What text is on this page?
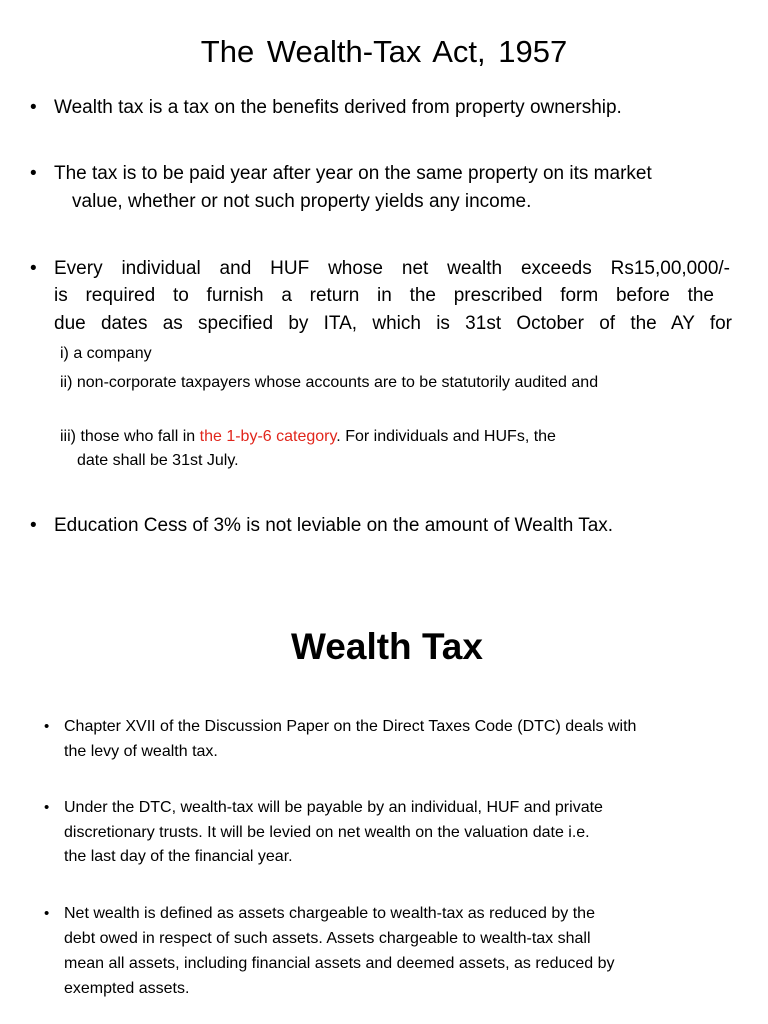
The Wealth-Tax Act, 1957
• Wealth tax is a tax on the benefits derived from property ownership.
• The tax is to be paid year after year on the same property on its market
value, whether or not such property yields any income.
• Every individual and HUF whose net wealth exceeds Rs15,00,000/-
is required to furnish a return in the prescribed form before the
due dates as specified by ITA, which is 31st October of the AY for
i) a company
ii) non-corporate taxpayers whose accounts are to be statutorily audited and
iii) those who fall in the 1-by-6 category. For individuals and HUFs, the
date shall be 31st July.
• Education Cess of 3% is not leviable on the amount of Wealth Tax.
Wealth Tax
• Chapter XVII of the Discussion Paper on the Direct Taxes Code (DTC) deals with
the levy of wealth tax.
• Under the DTC, wealth-tax will be payable by an individual, HUF and private
discretionary trusts. It will be levied on net wealth on the valuation date i.e.
the last day of the financial year.
• Net wealth is defined as assets chargeable to wealth-tax as reduced by the
debt owed in respect of such assets. Assets chargeable to wealth-tax shall
mean all assets, including financial assets and deemed assets, as reduced by
exempted assets.
